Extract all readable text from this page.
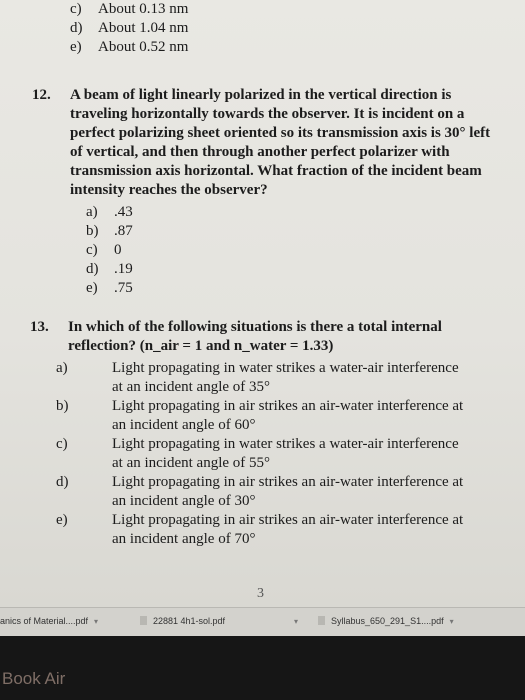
c) About 0.13 nm
d) About 1.04 nm
e) About 0.52 nm
12. A beam of light linearly polarized in the vertical direction is traveling horizontally towards the observer. It is incident on a perfect polarizing sheet oriented so its transmission axis is 30° left of vertical, and then through another perfect polarizer with transmission axis horizontal. What fraction of the incident beam intensity reaches the observer?
a) .43
b) .87
c) 0
d) .19
e) .75
13. In which of the following situations is there a total internal reflection? (n_air = 1 and n_water = 1.33)
a)	Light propagating in water strikes a water-air interference at an incident angle of 35°
b)	Light propagating in air strikes an air-water interference at an incident angle of 60°
c)	Light propagating in water strikes a water-air interference at an incident angle of 55°
d)	Light propagating in air strikes an air-water interference at an incident angle of 30°
e)	Light propagating in air strikes an air-water interference at an incident angle of 70°
3
anics of Material....pdf ▾	22881 4h1-sol.pdf	▾	Syllabus_650_291_S1....pdf ▾
Book Air
